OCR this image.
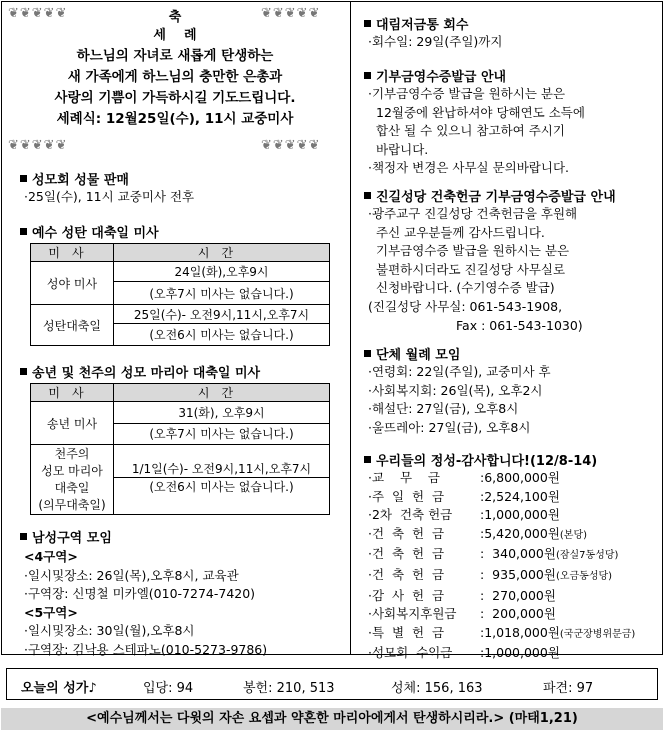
❦❦❦❦❦	❦❦❦❦❦
축
세    례
하느님의 자녀로 새롭게 탄생하는
새 가족에게 하느님의 충만한 은총과
사랑의 기쁨이 가득하시길 기도드립니다.
세례식: 12월25일(수), 11시 교중미사
❦❦❦❦❦	❦❦❦❦❦

성모회 성물 판매

·25일(수), 11시 교중미사 전후

예수 성탄 대축일 미사

미사	시간
성야 미사	24일(화),오후9시
	(오후7시 미사는 없습니다.)
성탄대축일	25일(수)- 오전9시,11시,오후7시
	(오전6시 미사는 없습니다.)

송년 및 천주의 성모 마리아 대축일 미사

미사	시간
송년 미사	31(화), 오후9시
	(오후7시 미사는 없습니다.)

천주의
성모 마리아
대축일
(의무대축일)	1/1일(수)- 오전9시,11시,오후7시
	(오전6시 미사는 없습니다.)

남성구역 모임

<4구역>

·일시및장소: 26일(목),오후8시, 교육관

·구역장: 신명철 미카엘(010-7274-7420)

<5구역>

·일시및장소: 30일(월),오후8시

·구역장: 김낙용 스테파노(010-5273-9786)

대림저금통 회수

·회수일: 29일(주일)까지

기부금영수증발급 안내

·기부금영수증 발급을 원하시는 분은

12월중에 완납하셔야 당해연도 소득에

합산 될 수 있으니 참고하여 주시기

바랍니다.

·책정자 변경은 사무실 문의바랍니다.

진길성당 건축헌금 기부금영수증발급 안내

·광주교구 진길성당 건축헌금을 후원해

주신 교우분들께 감사드립니다.

기부금영수증 발급을 원하시는 분은

불편하시더라도 진길성당 사무실로

신청바랍니다. (수기영수증 발급)

(진길성당 사무실: 061-543-1908,

Fax : 061-543-1030)

단체 월례 모임

·연령회: 22일(주일), 교중미사 후

·사회복지회: 26일(목), 오후2시

·해설단: 27일(금), 오후8시

·울뜨레아: 27일(금), 오후8시

우리들의 정성-감사합니다!(12/8-14)

·교    무    금	:6,800,000원

·주  일  헌  금	:2,524,100원

·2차  건축 헌금 :1,000,000원

·건  축  헌  금	:5,420,000원(본당)

·건  축  헌  금	:  340,000원(잠실7동성당)

·건  축  헌  금	:  935,000원(오금동성당)

·감  사  헌  금	:  270,000원

·사회복지후원금 :  200,000원

·특  별  헌  금	:1,018,000원(국군장병위문금)

·성모회  수익금 :1,000,000원

오늘의 성가♪	입당: 94	봉헌: 210, 513	성체: 156, 163	파견: 97
<예수님께서는 다윗의 자손 요셉과 약혼한 마리아에게서 탄생하시리라.> (마태1,21)
